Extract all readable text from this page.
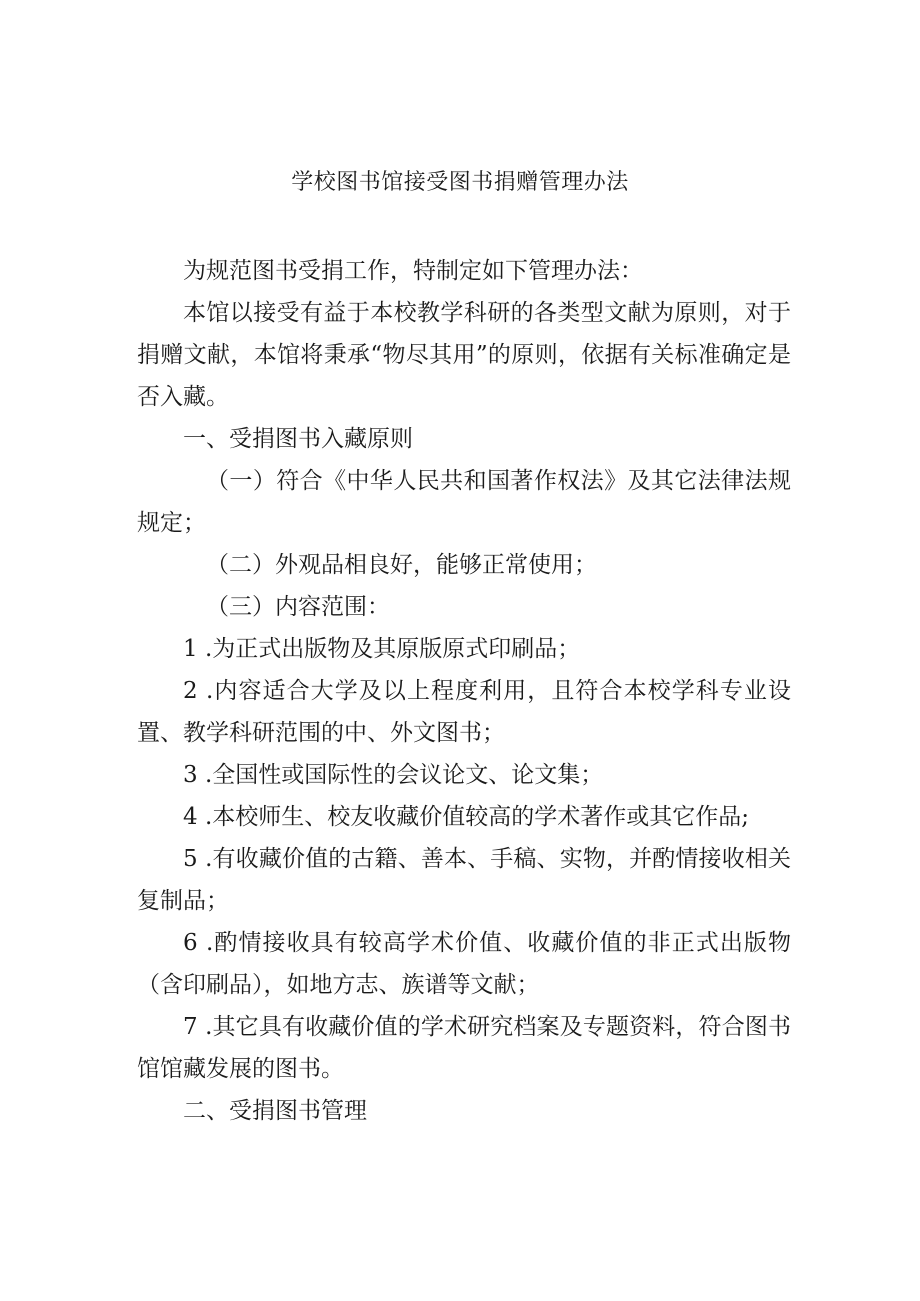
学校图书馆接受图书捐赠管理办法

为规范图书受捐工作，特制定如下管理办法：

本馆以接受有益于本校教学科研的各类型文献为原则，对于捐赠文献，本馆将秉承“物尽其用”的原则，依据有关标准确定是否入藏。

一、受捐图书入藏原则

（一）符合《中华人民共和国著作权法》及其它法律法规规定；

（二）外观品相良好，能够正常使用；

（三）内容范围：

1 .为正式出版物及其原版原式印刷品；

2 .内容适合大学及以上程度利用，且符合本校学科专业设置、教学科研范围的中、外文图书；

3 .全国性或国际性的会议论文、论文集；

4 .本校师生、校友收藏价值较高的学术著作或其它作品;

5 .有收藏价值的古籍、善本、手稿、实物，并酌情接收相关复制品；

6 .酌情接收具有较高学术价值、收藏价值的非正式出版物（含印刷品），如地方志、族谱等文献；

7 .其它具有收藏价值的学术研究档案及专题资料，符合图书馆馆藏发展的图书。

二、受捐图书管理
